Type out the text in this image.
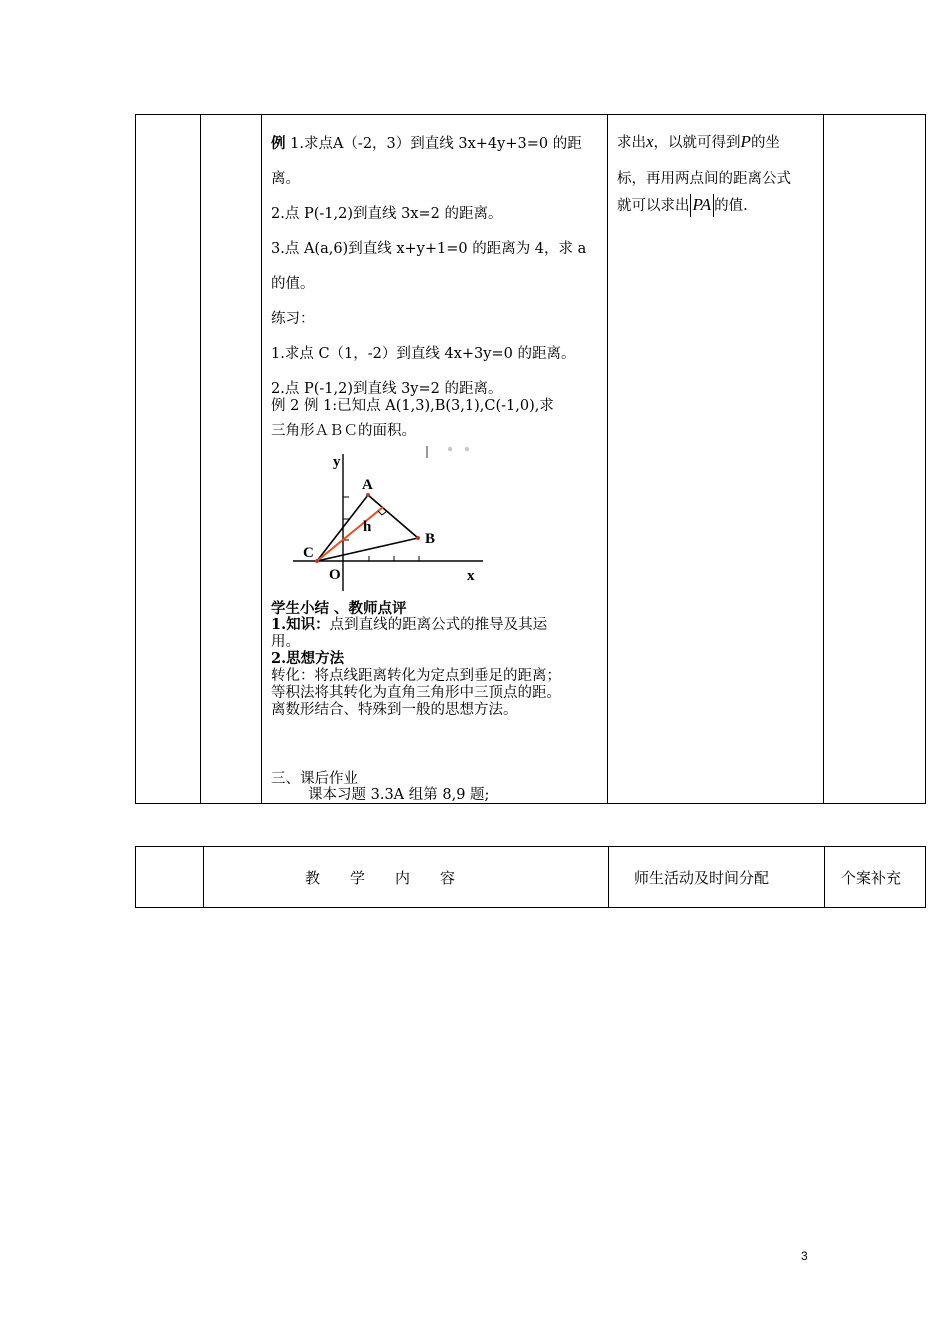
例 1.求点A（-2，3）到直线 3x+4y+3=0 的距
离。
2.点 P(-1,2)到直线 3x=2 的距离。
3.点 A(a,6)到直线 x+y+1=0 的距离为 4，求 a
的值。
练习：
1.求点 C（1，-2）到直线 4x+3y=0 的距离。
2.点 P(-1,2)到直线 3y=2 的距离。
例 2 例 1:已知点 A(1,3),B(3,1),C(-1,0),求
三角形ＡＢＣ的面积。
y
x
O
A
B
C
h
学生小结 、教师点评
1.知识：点到直线的距离公式的推导及其运
用。
2.思想方法
转化：将点线距离转化为定点到垂足的距离；
等积法将其转化为直角三角形中三顶点的距。
离数形结合、特殊到一般的思想方法。
三、课后作业
课本习题 3.3A 组第 8,9 题;
求出x，以就可得到P的坐
标，再用两点间的距离公式
就可以求出 PA 的值.
教　　学　　内　　容	师生活动及时间分配	个案补充
3
